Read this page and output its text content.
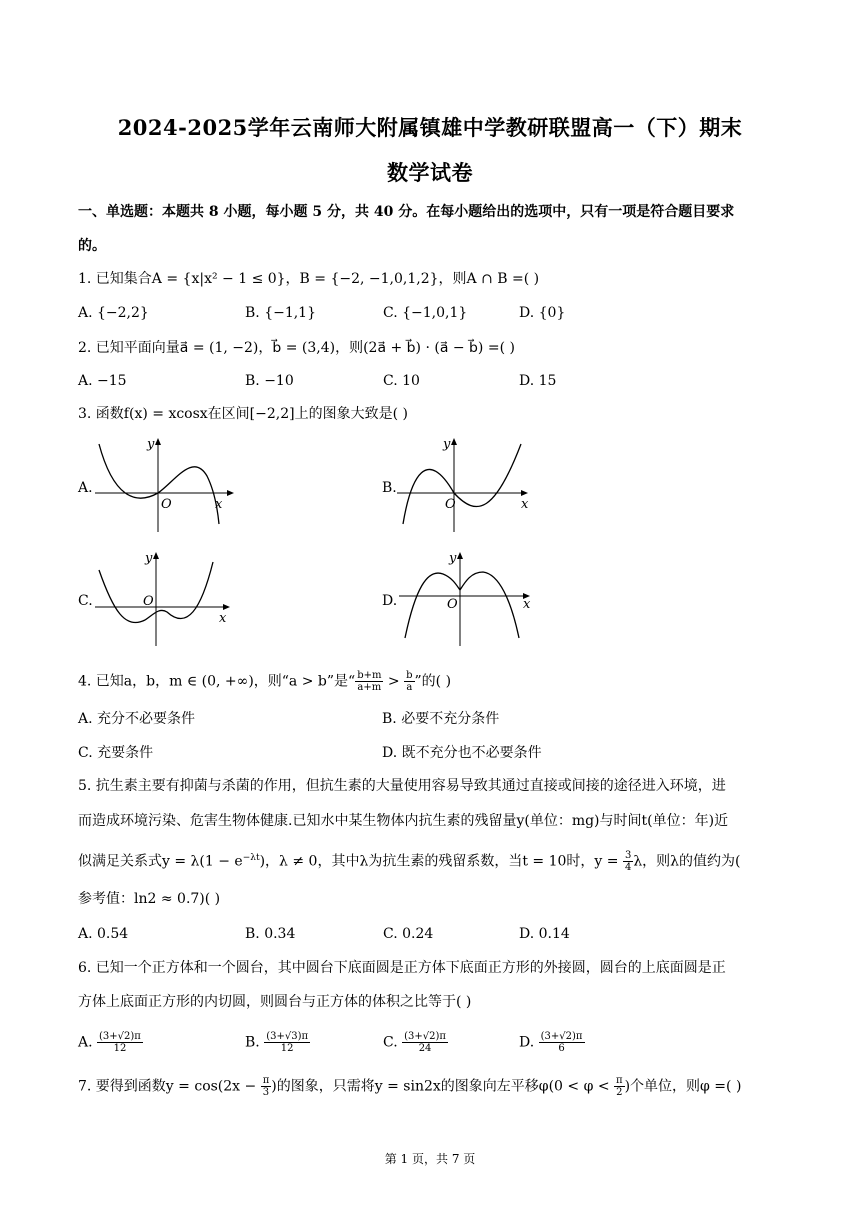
2024-2025学年云南师大附属镇雄中学教研联盟高一（下）期末
数学试卷
一、单选题：本题共 8 小题，每小题 5 分，共 40 分。在每小题给出的选项中，只有一项是符合题目要求
的。
1. 已知集合A = {x|x² − 1 ≤ 0}，B = {−2, −1,0,1,2}，则A ∩ B =( )
A. {−2,2}	B. {−1,1}	C. {−1,0,1}	D. {0}
2. 已知平面向量a⃗ = (1, −2)，b⃗ = (3,4)，则(2a⃗ + b⃗) · (a⃗ − b⃗) =( )
A. −15	B. −10	C. 10	D. 15
3. 函数f(x) = xcosx在区间[−2,2]上的图象大致是( )
A.
y
O	x
B.
y
O	x
C.
y
O
x
D.
y
O	x
4. 已知a，b，m ∈ (0, +∞)，则“a > b”是“ $\frac{b+m}{a+m} > \frac{b}{a}$ ”的( )
A. 充分不必要条件	B. 必要不充分条件
C. 充要条件	D. 既不充分也不必要条件
5. 抗生素主要有抑菌与杀菌的作用，但抗生素的大量使用容易导致其通过直接或间接的途径进入环境，进
而造成环境污染、危害生物体健康.已知水中某生物体内抗生素的残留量y(单位：mg)与时间t(单位：年)近
似满足关系式$y = \lambda(1 - e^{-\lambda t})$，λ ≠ 0，其中λ为抗生素的残留系数，当t = 10时，$y = \frac{3}{4}$ λ，则λ的值约为(
参考值：ln2 ≈ 0.7)( )
A. 0.54	B. 0.34	C. 0.24	D. 0.14
6. 已知一个正方体和一个圆台，其中圆台下底面圆是正方体下底面正方形的外接圆，圆台的上底面圆是正
方体上底面正方形的内切圆，则圆台与正方体的体积之比等于( )
A. $\frac{(3+√2)\pi}{12}$	B. $\frac{(3+√3)\pi}{12}$	C. $\frac{(3+√2)\pi}{24}$	D. $\frac{(3+√2)\pi}{6}$
7. 要得到函数$y = \cos(2x - \frac{\pi}{3}$ )的图象，只需将y = sin2x的图象向左平移$\varphi(0 < \varphi < \frac{\pi}{2}$ )个单位，则φ =( )
第 1 页，共 7 页
